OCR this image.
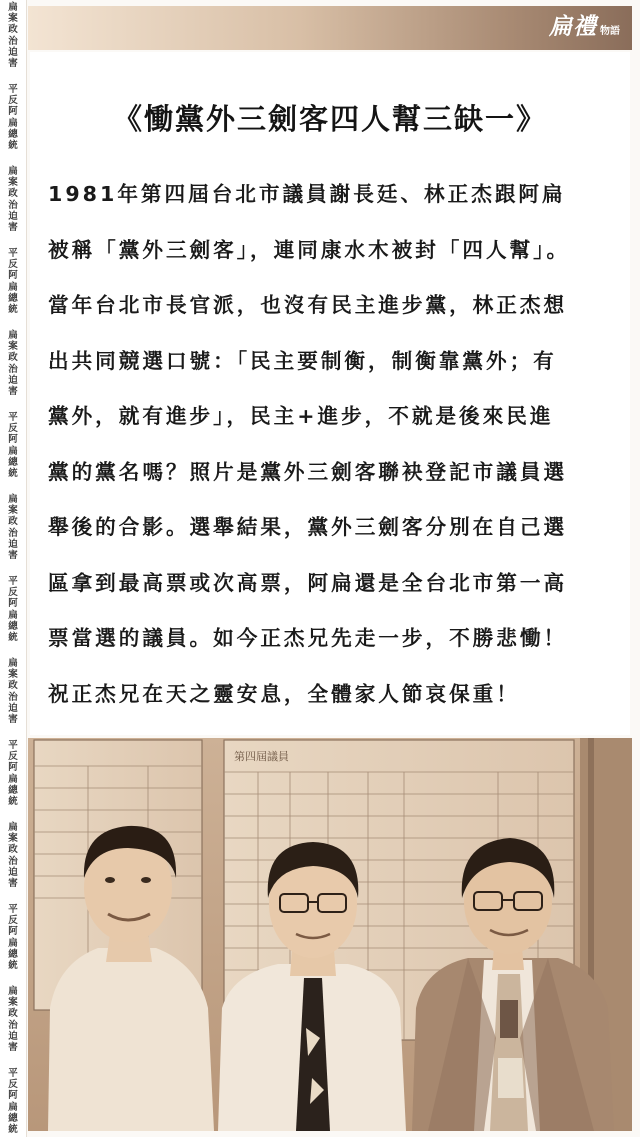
扁
案
政
治
迫
害
平
反
阿
扁
總
統
扁
案
政
治
迫
害
平
反
阿
扁
總
統
扁
案
政
治
迫
害
平
反
阿
扁
總
統
扁
案
政
治
迫
害
平
反
阿
扁
總
統
扁
案
政
治
迫
害
平
反
阿
扁
總
統
扁
案
政
治
迫
害
平
反
阿
扁
總
統
扁
案
政
治
迫
害
平
反
阿
扁
總
統
扁禮 物語
《慟黨外三劍客四人幫三缺一》
1981年第四屆台北市議員謝長廷、林正杰跟阿扁
被稱「黨外三劍客」，連同康水木被封「四人幫」。
當年台北市長官派，也沒有民主進步黨，林正杰想
出共同競選口號：「民主要制衡，制衡靠黨外；有
黨外，就有進步」，民主+進步，不就是後來民進
黨的黨名嗎？照片是黨外三劍客聯袂登記市議員選
舉後的合影。選舉結果，黨外三劍客分別在自己選
區拿到最高票或次高票，阿扁還是全台北市第一高
票當選的議員。如今正杰兄先走一步，不勝悲慟！
祝正杰兄在天之靈安息，全體家人節哀保重！
第四屆議員
